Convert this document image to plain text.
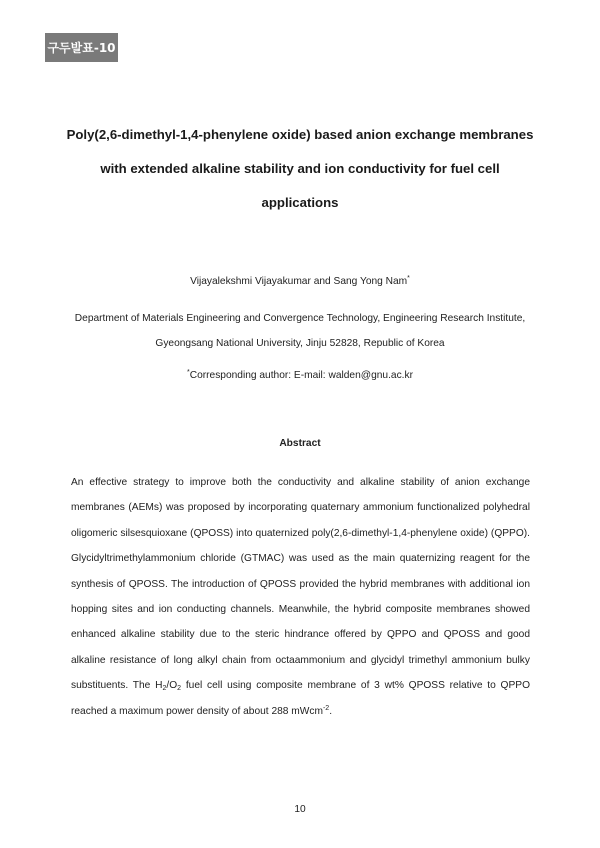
구두발표-10
Poly(2,6-dimethyl-1,4-phenylene oxide) based anion exchange membranes
with extended alkaline stability and ion conductivity for fuel cell
applications
Vijayalekshmi Vijayakumar and Sang Yong Nam*
Department of Materials Engineering and Convergence Technology, Engineering Research Institute,
Gyeongsang National University, Jinju 52828, Republic of Korea
*Corresponding author: E-mail: walden@gnu.ac.kr
Abstract

An effective strategy to improve both the conductivity and alkaline stability of anion exchange membranes (AEMs) was proposed by incorporating quaternary ammonium functionalized polyhedral oligomeric silsesquioxane (QPOSS) into quaternized poly(2,6-dimethyl-1,4-phenylene oxide) (QPPO). Glycidyltrimethylammonium chloride (GTMAC) was used as the main quaternizing reagent for the synthesis of QPOSS. The introduction of QPOSS provided the hybrid membranes with additional ion hopping sites and ion conducting channels. Meanwhile, the hybrid composite membranes showed enhanced alkaline stability due to the steric hindrance offered by QPPO and QPOSS and good alkaline resistance of long alkyl chain from octaammonium and glycidyl trimethyl ammonium bulky substituents. The $H_2/O_2$ fuel cell using composite membrane of 3 wt% QPOSS relative to QPPO reached a maximum power density of about 288 mWcm$^{-2}$.

10
